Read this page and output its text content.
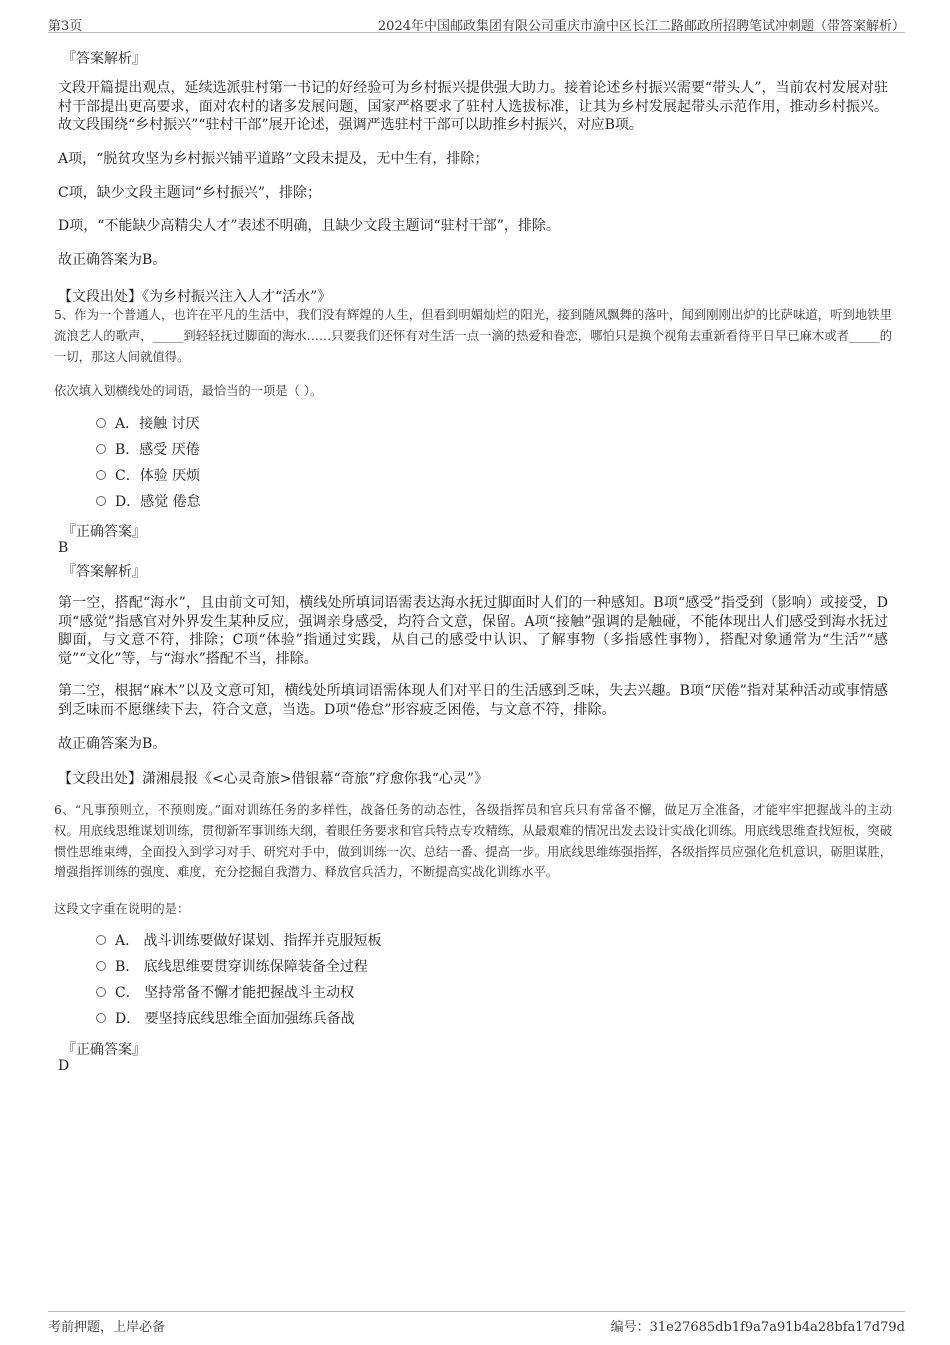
第3页	2024年中国邮政集团有限公司重庆市渝中区长江二路邮政所招聘笔试冲刺题（带答案解析）
『答案解析』
文段开篇提出观点，延续选派驻村第一书记的好经验可为乡村振兴提供强大助力。接着论述乡村振兴需要“带头人”，当前农村发展对驻村干部提出更高要求，面对农村的诸多发展问题，国家严格要求了驻村人选拔标准，让其为乡村发展起带头示范作用，推动乡村振兴。故文段围绕“乡村振兴”“驻村干部”展开论述，强调严选驻村干部可以助推乡村振兴，对应B项。
A项，“脱贫攻坚为乡村振兴铺平道路”文段未提及，无中生有，排除；
C项，缺少文段主题词“乡村振兴”，排除；
D项，“不能缺少高精尖人才”表述不明确，且缺少文段主题词“驻村干部”，排除。
故正确答案为B。
【文段出处】《为乡村振兴注入人才“活水”》
5、作为一个普通人，也许在平凡的生活中，我们没有辉煌的人生，但看到明媚灿烂的阳光，接到随风飘舞的落叶，闻到刚刚出炉的比萨味道，听到地铁里流浪艺人的歌声，_____到轻轻抚过脚面的海水……只要我们还怀有对生活一点一滴的热爱和眷恋，哪怕只是换个视角去重新看待平日早已麻木或者_____的一切，那这人间就值得。
依次填入划横线处的词语，最恰当的一项是（ ）。
A．接触 讨厌
B．感受 厌倦
C．体验 厌烦
D．感觉 倦怠
『正确答案』
B
『答案解析』
第一空，搭配“海水”，且由前文可知，横线处所填词语需表达海水抚过脚面时人们的一种感知。B项“感受”指受到（影响）或接受，D项“感觉”指感官对外界发生某种反应，强调亲身感受，均符合文意，保留。A项“接触”强调的是触碰，不能体现出人们感受到海水抚过脚面，与文意不符，排除；C项“体验”指通过实践，从自己的感受中认识、了解事物（多指感性事物），搭配对象通常为“生活”“感觉”“文化”等，与“海水”搭配不当，排除。
第二空，根据“麻木”以及文意可知，横线处所填词语需体现人们对平日的生活感到乏味，失去兴趣。B项“厌倦”指对某种活动或事情感到乏味而不愿继续下去，符合文意，当选。D项“倦怠”形容疲乏困倦，与文意不符，排除。
故正确答案为B。
【文段出处】潇湘晨报《<心灵奇旅>借银幕“奇旅”疗愈你我“心灵”》
6、“凡事预则立，不预则废。”面对训练任务的多样性，战备任务的动态性，各级指挥员和官兵只有常备不懈，做足万全准备，才能牢牢把握战斗的主动权。用底线思维谋划训练，贯彻新军事训练大纲，着眼任务要求和官兵特点专攻精练，从最艰难的情况出发去设计实战化训练。用底线思维查找短板，突破惯性思维束缚，全面投入到学习对手、研究对手中，做到训练一次、总结一番、提高一步。用底线思维练强指挥，各级指挥员应强化危机意识，砺胆谋胜，增强指挥训练的强度、难度，充分挖掘自我潜力、释放官兵活力，不断提高实战化训练水平。
这段文字重在说明的是：
A． 战斗训练要做好谋划、指挥并克服短板
B． 底线思维要贯穿训练保障装备全过程
C． 坚持常备不懈才能把握战斗主动权
D． 要坚持底线思维全面加强练兵备战
『正确答案』
D
考前押题，上岸必备	编号：31e27685db1f9a7a91b4a28bfa17d79d
